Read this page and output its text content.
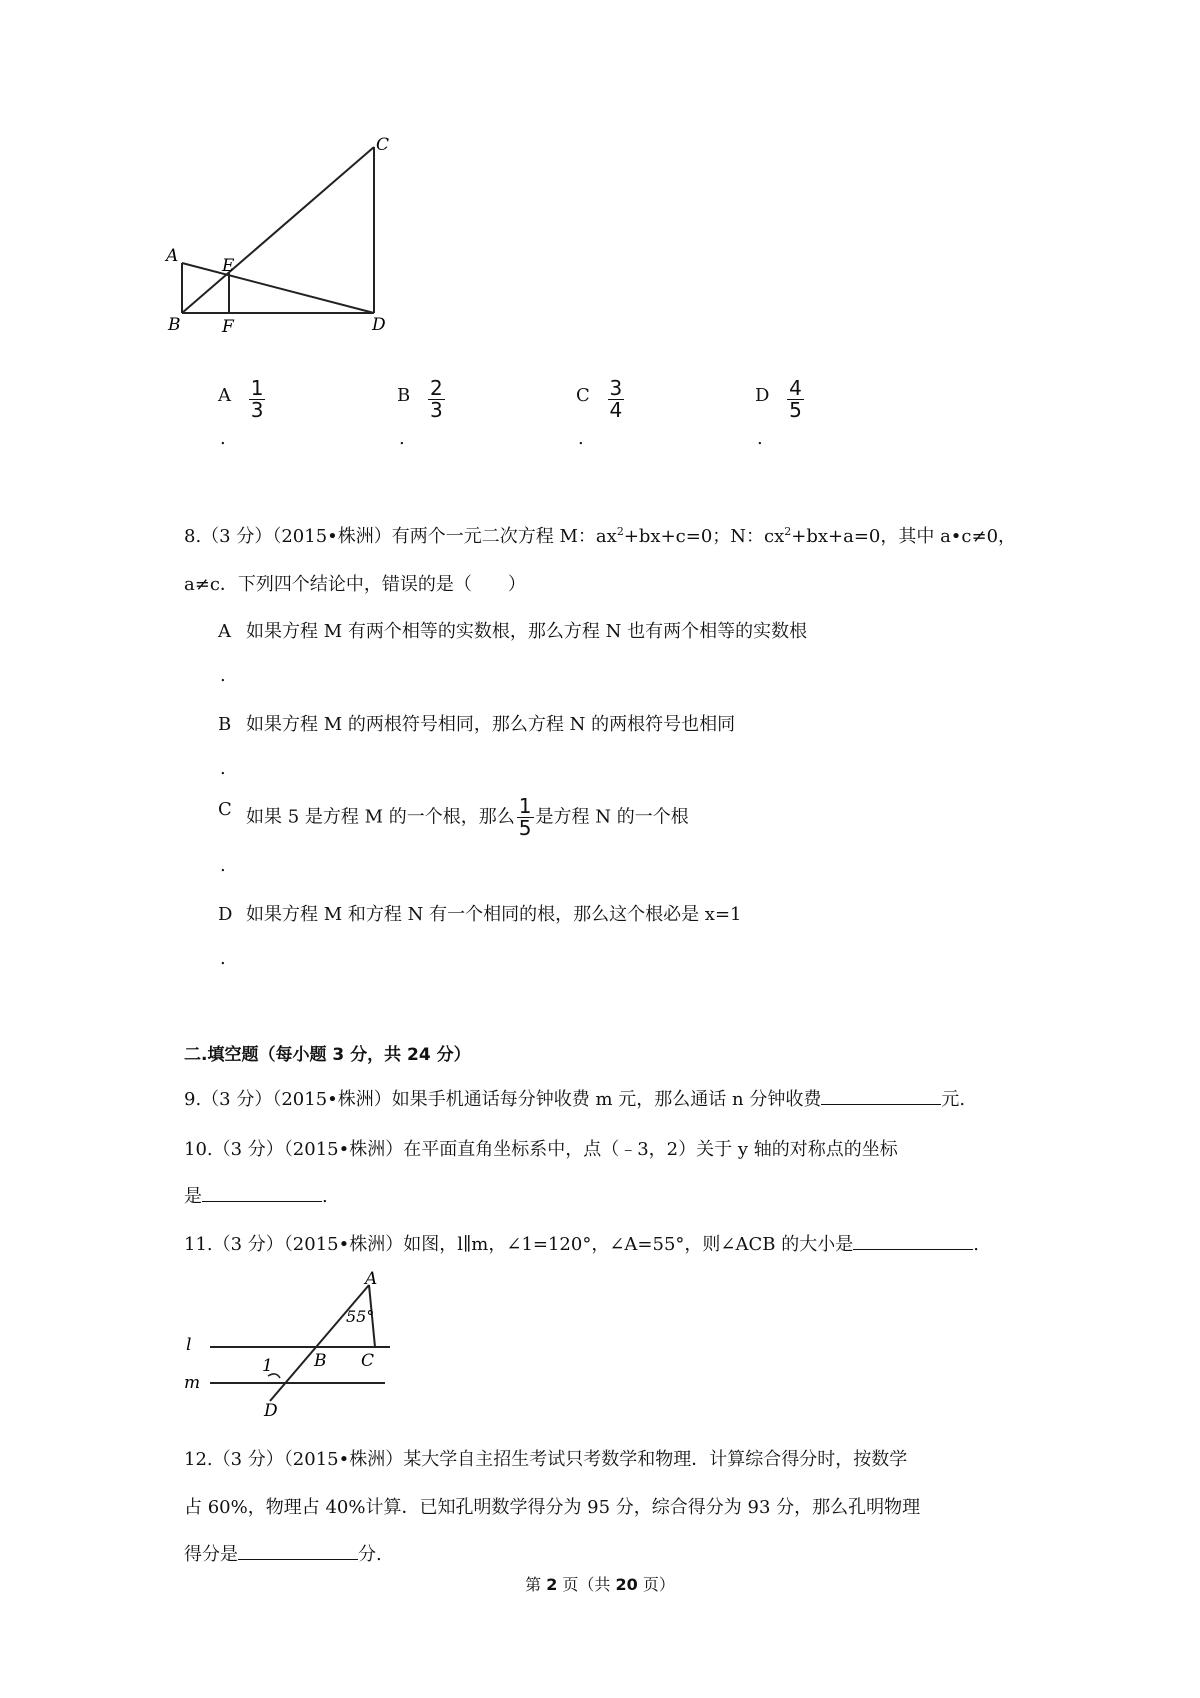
C
A	E
B F	D
A $\frac{1}{3}$	B $\frac{2}{3}$	C $\frac{3}{4}$	D $\frac{4}{5}$
.	.	.	.
8.（3 分）（2015•株洲）有两个一元二次方程 M：$ax^2+bx+c=0$；N：$cx^2+bx+a=0$，其中 a•c≠0，
a≠c．下列四个结论中，错误的是（　　）
A 如果方程 M 有两个相等的实数根，那么方程 N 也有两个相等的实数根
.
B 如果方程 M 的两根符号相同，那么方程 N 的两根符号也相同
.
C 如果 5 是方程 M 的一个根，那么 $\frac{1}{5}$ 是方程 N 的一个根
.
D 如果方程 M 和方程 N 有一个相同的根，那么这个根必是 x=1
.
二.填空题（每小题 3 分，共 24 分）
9.（3 分）（2015•株洲）如果手机通话每分钟收费 m 元，那么通话 n 分钟收费	元.
10.（3 分）（2015•株洲）在平面直角坐标系中，点（﹣3，2）关于 y 轴的对称点的坐标
是	.
11.（3 分）（2015•株洲）如图，l∥m，∠1=120°，∠A=55°，则∠ACB 的大小是	.
A
55°
l
B C
1
m
D
12.（3 分）（2015•株洲）某大学自主招生考试只考数学和物理．计算综合得分时，按数学
占 60%，物理占 40%计算．已知孔明数学得分为 95 分，综合得分为 93 分，那么孔明物理
得分是	分.
第 2 页（共 20 页）
